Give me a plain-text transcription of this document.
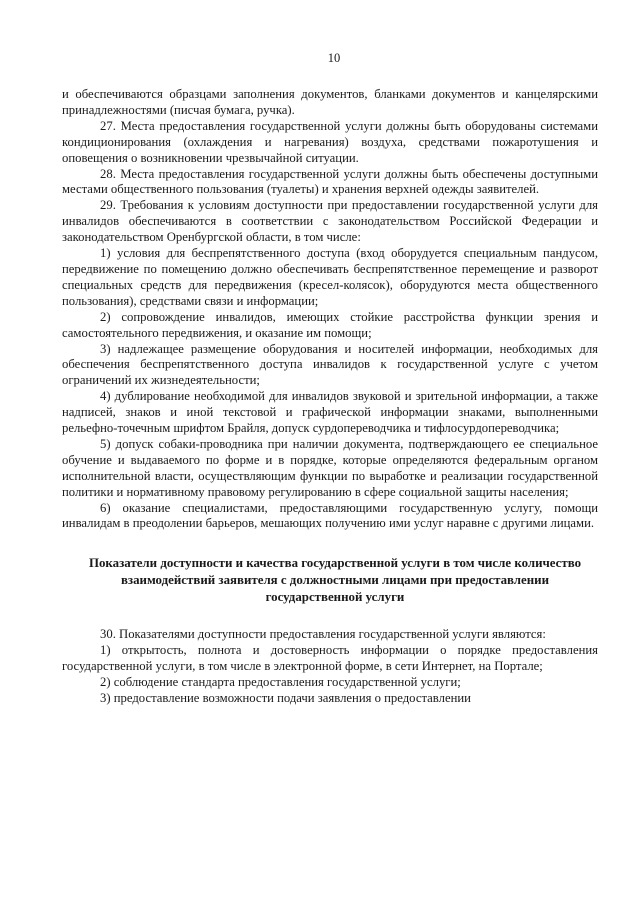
10

и обеспечиваются образцами заполнения документов, бланками документов и канцелярскими принадлежностями (писчая бумага, ручка).

27. Места предоставления государственной услуги должны быть оборудованы системами кондиционирования (охлаждения и нагревания) воздуха, средствами пожаротушения и оповещения о возникновении чрезвычайной ситуации.

28. Места предоставления государственной услуги должны быть обеспечены доступными местами общественного пользования (туалеты) и хранения верхней одежды заявителей.

29. Требования к условиям доступности при предоставлении государственной услуги для инвалидов обеспечиваются в соответствии с законодательством Российской Федерации и законодательством Оренбургской области, в том числе:

1) условия для беспрепятственного доступа (вход оборудуется специальным пандусом, передвижение по помещению должно обеспечивать беспрепятственное перемещение и разворот специальных средств для передвижения (кресел-колясок), оборудуются места общественного пользования), средствами связи и информации;

2) сопровождение инвалидов, имеющих стойкие расстройства функции зрения и самостоятельного передвижения, и оказание им помощи;

3) надлежащее размещение оборудования и носителей информации, необходимых для обеспечения беспрепятственного доступа инвалидов к государственной услуге с учетом ограничений их жизнедеятельности;

4) дублирование необходимой для инвалидов звуковой и зрительной информации, а также надписей, знаков и иной текстовой и графической информации знаками, выполненными рельефно-точечным шрифтом Брайля, допуск сурдопереводчика и тифлосурдопереводчика;

5) допуск собаки-проводника при наличии документа, подтверждающего ее специальное обучение и выдаваемого по форме и в порядке, которые определяются федеральным органом исполнительной власти, осуществляющим функции по выработке и реализации государственной политики и нормативному правовому регулированию в сфере социальной защиты населения;

6) оказание специалистами, предоставляющими государственную услугу, помощи инвалидам в преодолении барьеров, мешающих получению ими услуг наравне с другими лицами.

Показатели доступности и качества государственной услуги в том числе количество взаимодействий заявителя с должностными лицами при предоставлении государственной услуги

30. Показателями доступности предоставления государственной услуги являются:

1) открытость, полнота и достоверность информации о порядке предоставления государственной услуги, в том числе в электронной форме, в сети Интернет, на Портале;

2) соблюдение стандарта предоставления государственной услуги;

3) предоставление возможности подачи заявления о предоставлении
